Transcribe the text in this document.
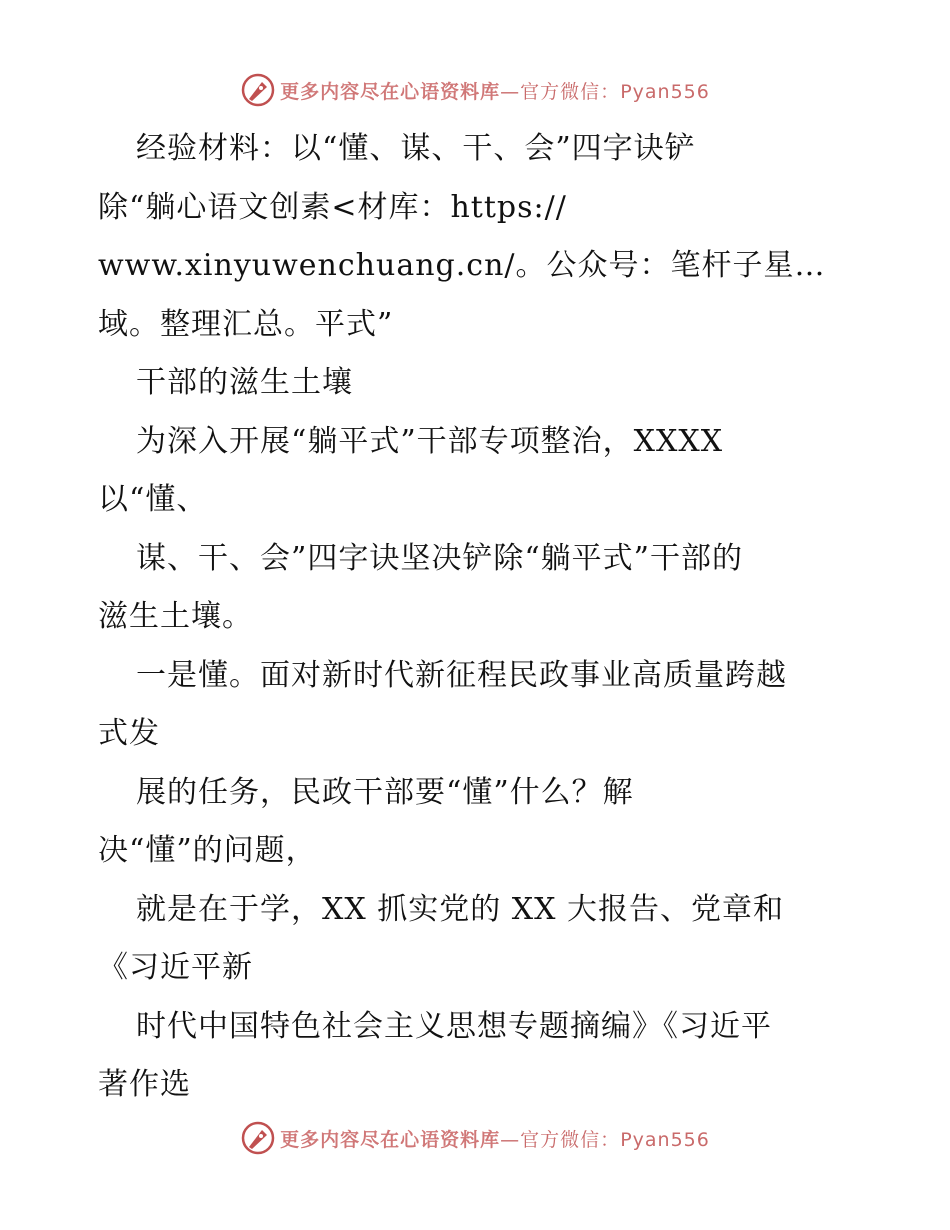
更多内容尽在心语资料库—官方微信：Pyan556
经验材料：以“懂、谋、干、会”四字诀铲
除“躺心语文创素<材库：https://
www.xinyuwenchuang.cn/。公众号：笔杆子星…
域。整理汇总。平式”
干部的滋生土壤
为深入开展“躺平式”干部专项整治，XXXX
以“懂、
谋、干、会”四字诀坚决铲除“躺平式”干部的
滋生土壤。
一是懂。面对新时代新征程民政事业高质量跨越
式发
展的任务，民政干部要“懂”什么？解
决“懂”的问题，
就是在于学，XX 抓实党的 XX 大报告、党章和
《习近平新
时代中国特色社会主义思想专题摘编》《习近平
著作选
更多内容尽在心语资料库—官方微信：Pyan556
